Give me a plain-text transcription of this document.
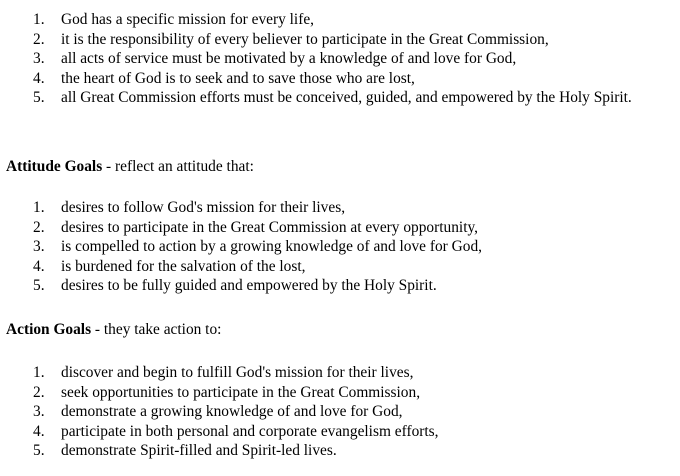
1. God has a specific mission for every life,
2. it is the responsibility of every believer to participate in the Great Commission,
3. all acts of service must be motivated by a knowledge of and love for God,
4. the heart of God is to seek and to save those who are lost,
5. all Great Commission efforts must be conceived, guided, and empowered by the Holy Spirit.

Attitude Goals - reflect an attitude that:

1. desires to follow God's mission for their lives,
2. desires to participate in the Great Commission at every opportunity,
3. is compelled to action by a growing knowledge of and love for God,
4. is burdened for the salvation of the lost,
5. desires to be fully guided and empowered by the Holy Spirit.

Action Goals - they take action to:

1. discover and begin to fulfill God's mission for their lives,
2. seek opportunities to participate in the Great Commission,
3. demonstrate a growing knowledge of and love for God,
4. participate in both personal and corporate evangelism efforts,
5. demonstrate Spirit-filled and Spirit-led lives.
